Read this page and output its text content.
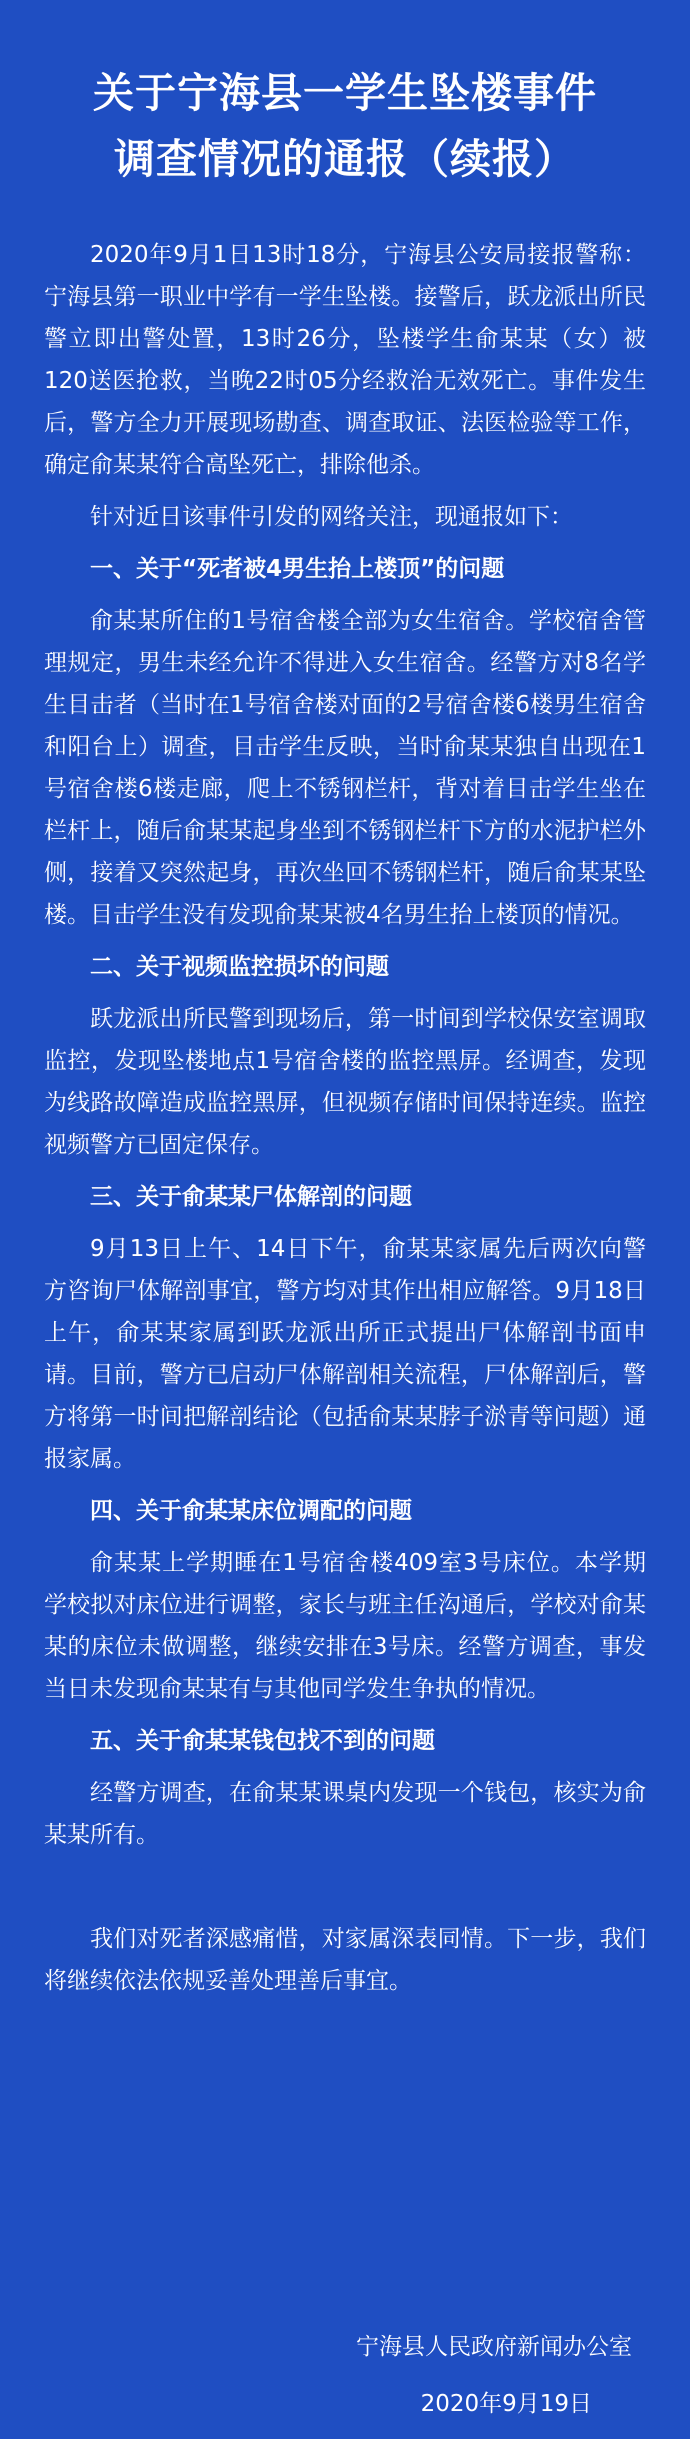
关于宁海县一学生坠楼事件
调查情况的通报（续报）

2020年9月1日13时18分，宁海县公安局接报警称：宁海县第一职业中学有一学生坠楼。接警后，跃龙派出所民警立即出警处置，13时26分，坠楼学生俞某某（女）被120送医抢救，当晚22时05分经救治无效死亡。事件发生后，警方全力开展现场勘查、调查取证、法医检验等工作，确定俞某某符合高坠死亡，排除他杀。

针对近日该事件引发的网络关注，现通报如下：

一、关于“死者被4男生抬上楼顶”的问题

俞某某所住的1号宿舍楼全部为女生宿舍。学校宿舍管理规定，男生未经允许不得进入女生宿舍。经警方对8名学生目击者（当时在1号宿舍楼对面的2号宿舍楼6楼男生宿舍和阳台上）调查，目击学生反映，当时俞某某独自出现在1号宿舍楼6楼走廊，爬上不锈钢栏杆，背对着目击学生坐在栏杆上，随后俞某某起身坐到不锈钢栏杆下方的水泥护栏外侧，接着又突然起身，再次坐回不锈钢栏杆，随后俞某某坠楼。目击学生没有发现俞某某被4名男生抬上楼顶的情况。

二、关于视频监控损坏的问题

跃龙派出所民警到现场后，第一时间到学校保安室调取监控，发现坠楼地点1号宿舍楼的监控黑屏。经调查，发现为线路故障造成监控黑屏，但视频存储时间保持连续。监控视频警方已固定保存。

三、关于俞某某尸体解剖的问题

9月13日上午、14日下午，俞某某家属先后两次向警方咨询尸体解剖事宜，警方均对其作出相应解答。9月18日上午，俞某某家属到跃龙派出所正式提出尸体解剖书面申请。目前，警方已启动尸体解剖相关流程，尸体解剖后，警方将第一时间把解剖结论（包括俞某某脖子淤青等问题）通报家属。

四、关于俞某某床位调配的问题

俞某某上学期睡在1号宿舍楼409室3号床位。本学期学校拟对床位进行调整，家长与班主任沟通后，学校对俞某某的床位未做调整，继续安排在3号床。经警方调查，事发当日未发现俞某某有与其他同学发生争执的情况。

五、关于俞某某钱包找不到的问题

经警方调查，在俞某某课桌内发现一个钱包，核实为俞某某所有。

我们对死者深感痛惜，对家属深表同情。下一步，我们将继续依法依规妥善处理善后事宜。

宁海县人民政府新闻办公室
2020年9月19日
